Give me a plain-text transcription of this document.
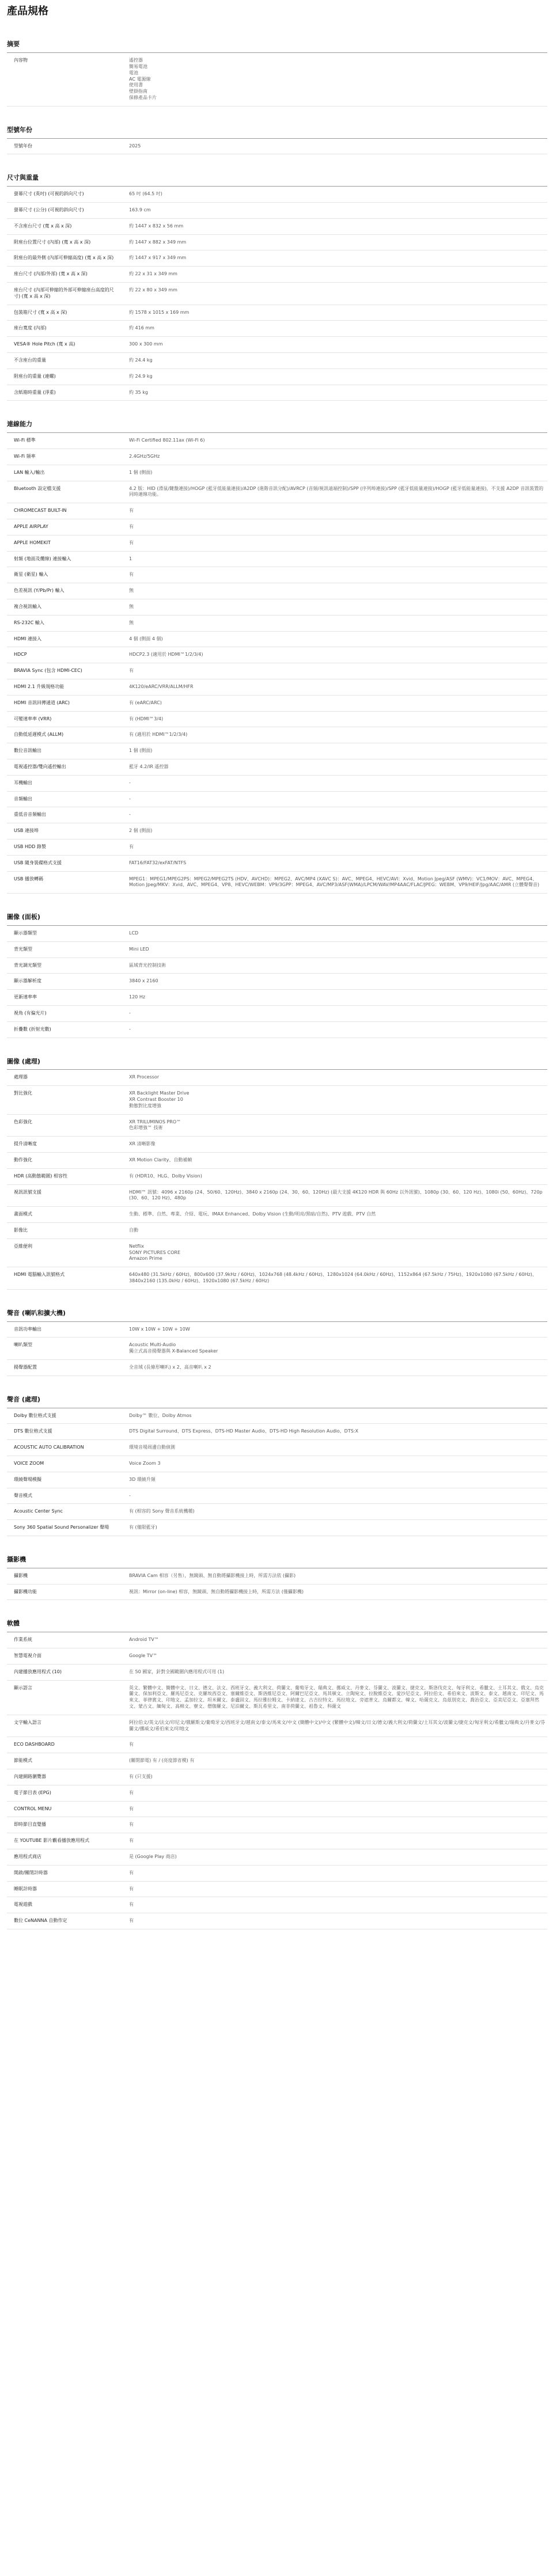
產品規格
摘要
內容物	遙控器
簡易電池
電池
AC 電源線
使用書
壁掛指南
保修產品卡片
型號年份
型號年份	2025
尺寸與重量
螢幕尺寸 (英吋) (可視的斜向尺寸)	65 吋 (64.5 吋)
螢幕尺寸 (公分) (可視的斜向尺寸)	163.9 cm
不含座台尺寸 (寬 x 高 x 深)	約 1447 x 832 x 56 mm
附座台位置尺寸 (內部) (寬 x 高 x 深)	約 1447 x 882 x 349 mm
附座台的最外側 (內部可伸縮高度) (寬 x 高 x 深)	約 1447 x 917 x 349 mm
座台尺寸 (內部/外部) (寬 x 高 x 深)	約 22 x 31 x 349 mm
座台尺寸 (內部可伸縮的外部可伸縮座台高度的尺寸) (寬 x 高 x 深)
約 22 x 80 x 349 mm
包裝箱尺寸 (寬 x 高 x 深)	約 1578 x 1015 x 169 mm
座台寬度 (內部)	約 416 mm
VESA® Hole Pitch (寬 x 高)	300 x 300 mm
不含座台的重量	約 24.4 kg
附座台的重量 (連螺)	約 24.9 kg
含紙箱時重量 (淨重)	約 35 kg
連線能力
Wi-Fi 標準	Wi-Fi Certified 802.11ax (Wi-Fi 6)
Wi-Fi 頻率	2.4GHz/5GHz
LAN 輸入/輸出	1 個 (側面)
Bluetooth 設定檔支援	4.2 版：HID (滑鼠/鍵盤連接)/HOGP (藍牙低能量連接)/A2DP (進階音訊分配)/AVRCP (音頻/視訊遠端控制)/SPP (序列埠連接)/SPP (藍牙低能量連接)/HOGP (藍牙低能量連接)，不支援 A2DP 音訊裝置的同時連線功能。
CHROMECAST BUILT-IN	有
APPLE AIRPLAY	有
APPLE HOMEKIT	有
射頻 (地面及纜線) 連接輸入	1
衛星 (衛星) 輸入	有
色差視訊 (Y/Pb/Pr) 輸入	無
複合視訊輸入	無
RS-232C 輸入	無
HDMI 連接入	4 個 (側面 4 個)
HDCP	HDCP2.3 (適用於 HDMI™1/2/3/4)
BRAVIA Sync (包含 HDMI-CEC)	有
HDMI 2.1 升級規格功能	4K120/eARC/VRR/ALLM/HFR
HDMI 音訊回傳通道 (ARC)	有 (eARC/ARC)
可變速率率 (VRR)	有 (HDMI™3/4)
自動低延遲模式 (ALLM)	有 (適用於 HDMI™1/2/3/4)
數位音訊輸出	1 個 (側面)
電視遙控器/雙向遙控輸出	藍牙 4.2/IR 遙控器
耳機輸出	-
音頻輸出	-
重低音音頻輸出	-
USB 連接埠	2 個 (側面)
USB HDD 錄製	有
USB 隨身裝碟格式支援	FAT16/FAT32/exFAT/NTFS
USB 播放轉碼	MPEG1：MPEG1/MPEG2PS：MPEG2/MPEG2TS (HDV、AVCHD)：MPEG2、AVC/MP4 (XAVC S)：AVC、MPEG4、HEVC/AVI：Xvid、Motion Jpeg/ASF (WMV)：VC1/MOV：AVC、MPEG4、Motion Jpeg/MKV：Xvid、AVC、MPEG4、VP8、HEVC/WEBM：VP9/3GPP：MPEG4、AVC/MP3/ASF(WMA)/LPCM/WAV/MP4AAC/FLAC/JPEG：WEBM、VP9/HEIF/Jpg/AAC/AMR (立體聲聲音)
圖像 (面板)
顯示器類型	LCD
背光類型	Mini LED
背光調光類型	區域背光控制技術
顯示器解析度	3840 x 2160
更新速率率	120 Hz
視角 (有偏光片)	-
折疊數 (折射光數)	-
圖像 (處理)
處理器	XR Processor
對比強化	XR Backlight Master Drive
XR Contrast Booster 10
動態對比度增強
色彩強化	XR TRILUMINOS PRO™
色彩增強™ 技術
提升清晰度	XR 清晰影像
動作強化	XR Motion Clarity、自動補幀
HDR (高動態範圍) 相容性	有 (HDR10、HLG、Dolby Vision)
視訊訊號支援	HDMI™ 訊號：4096 x 2160p (24、50/60、120Hz)、3840 x 2160p (24、30、60、120Hz) (最大支援 4K120 HDR 與 60Hz 以外訊號)、1080p (30、60、120 Hz)、1080i (50、60Hz)、720p (30、60、120 Hz)、480p
畫面模式	生動、標準、自然、專業、介紹、電玩、IMAX Enhanced、Dolby Vision (生動/明亮/黑暗/自然)、PTV 遊戲、PTV 自然
影像比	自動
亞維便利	Netflix
SONY PICTURES CORE
Amazon Prime
HDMI 電腦輸入訊號格式	640x480 (31.5kHz / 60Hz)、800x600 (37.9kHz / 60Hz)、1024x768 (48.4kHz / 60Hz)、1280x1024 (64.0kHz / 60Hz)、1152x864 (67.5kHz / 75Hz)、1920x1080 (67.5kHz / 60Hz)、3840x2160 (135.0kHz / 60Hz)、1920x1080 (67.5kHz / 60Hz)
聲音 (喇叭和擴大機)
音訊功率輸出	10W x 10W + 10W + 10W
喇叭類型	Acoustic Multi-Audio
獨立式高音揚聲器與 X-Balanced Speaker
揚聲器配置	全音域 (長條形喇叭) x 2、高音喇叭 x 2
聲音 (處理)
Dolby 數位格式支援	Dolby™ 數位、Dolby Atmos
DTS 數位格式支援	DTS Digital Surround、DTS Express、DTS-HD Master Audio、DTS-HD High Resolution Audio、DTS:X
ACOUSTIC AUTO CALIBRATION	環境音場周邊自動偵測
VOICE ZOOM	Voice Zoom 3
環繞聲場模擬	3D 環繞升頻
聲音模式	-
Acoustic Center Sync	有 (相容的 Sony 聲音系統機種)
Sony 360 Spatial Sound Personalizer 聲場	有 (僅限藍牙)
攝影機
攝影機	BRAVIA Cam 相容（另售），無鏡頭、無自動將攝影機接上時，所需方法依 (攝影)
攝影機功能	視訊：Mirror (on-line) 相容，無鏡頭、無自動將攝影機接上時，所需方法 (僅攝影機)
軟體
作業系統	Android TV™
智慧電視介面	Google TV™
內建播放應用程式 (10)	在 50 國家，針對全國範圍內應用程式可用 (1)
顯示語言	英文、繁體中文、簡體中文、日文、德文、法文、西班牙文、義大利文、荷蘭文、葡萄牙文、瑞典文、挪威文、丹麥文、芬蘭文、波蘭文、捷克文、斯洛伐克文、匈牙利文、希臘文、土耳其文、俄文、烏克蘭文、保加利亞文、羅馬尼亞文、克羅埃西亞文、塞爾維亞文、斯洛維尼亞文、阿爾巴尼亞文、馬其頓文、立陶宛文、拉脫維亞文、愛沙尼亞文、阿拉伯文、希伯來文、波斯文、泰文、越南文、印尼文、馬來文、菲律賓文、印地文、孟加拉文、坦米爾文、泰盧固文、馬拉雅拉姆文、卡納達文、古吉拉特文、馬拉地文、旁遮普文、烏爾都文、韓文、哈薩克文、烏茲別克文、喬治亞文、亞美尼亞文、亞塞拜然文、蒙古文、緬甸文、高棉文、寮文、僧伽羅文、尼泊爾文、斯瓦希里文、南非荷蘭文、祖魯文、科薩文
文字輸入語言	阿拉伯文/英文/法文/印尼文/俄羅斯文/葡萄牙文/西班牙文/越南文/泰文/馬來文/中文 (簡體中文)/中文 (繁體中文)/韓文/日文/德文/義大利文/荷蘭文/土耳其文/波蘭文/捷克文/匈牙利文/希臘文/瑞典文/丹麥文/芬蘭文/挪威文/希伯來文/印地文
ECO DASHBOARD	有
節能模式	(關閉節電) 有 / (亮度節省模) 有
內建網路瀏覽器	有 (只支援)
電子節目表 (EPG)	有
CONTROL MENU	有
即時節目直覺播	有
在 YOUTUBE 影片觀看播放應用程式	有
應用程式商店	是 (Google Play 商店)
開啟/關閉計時器	有
睡眠計時器	有
電視遊戲	有
數位 CeNANNA 自動作定	有
